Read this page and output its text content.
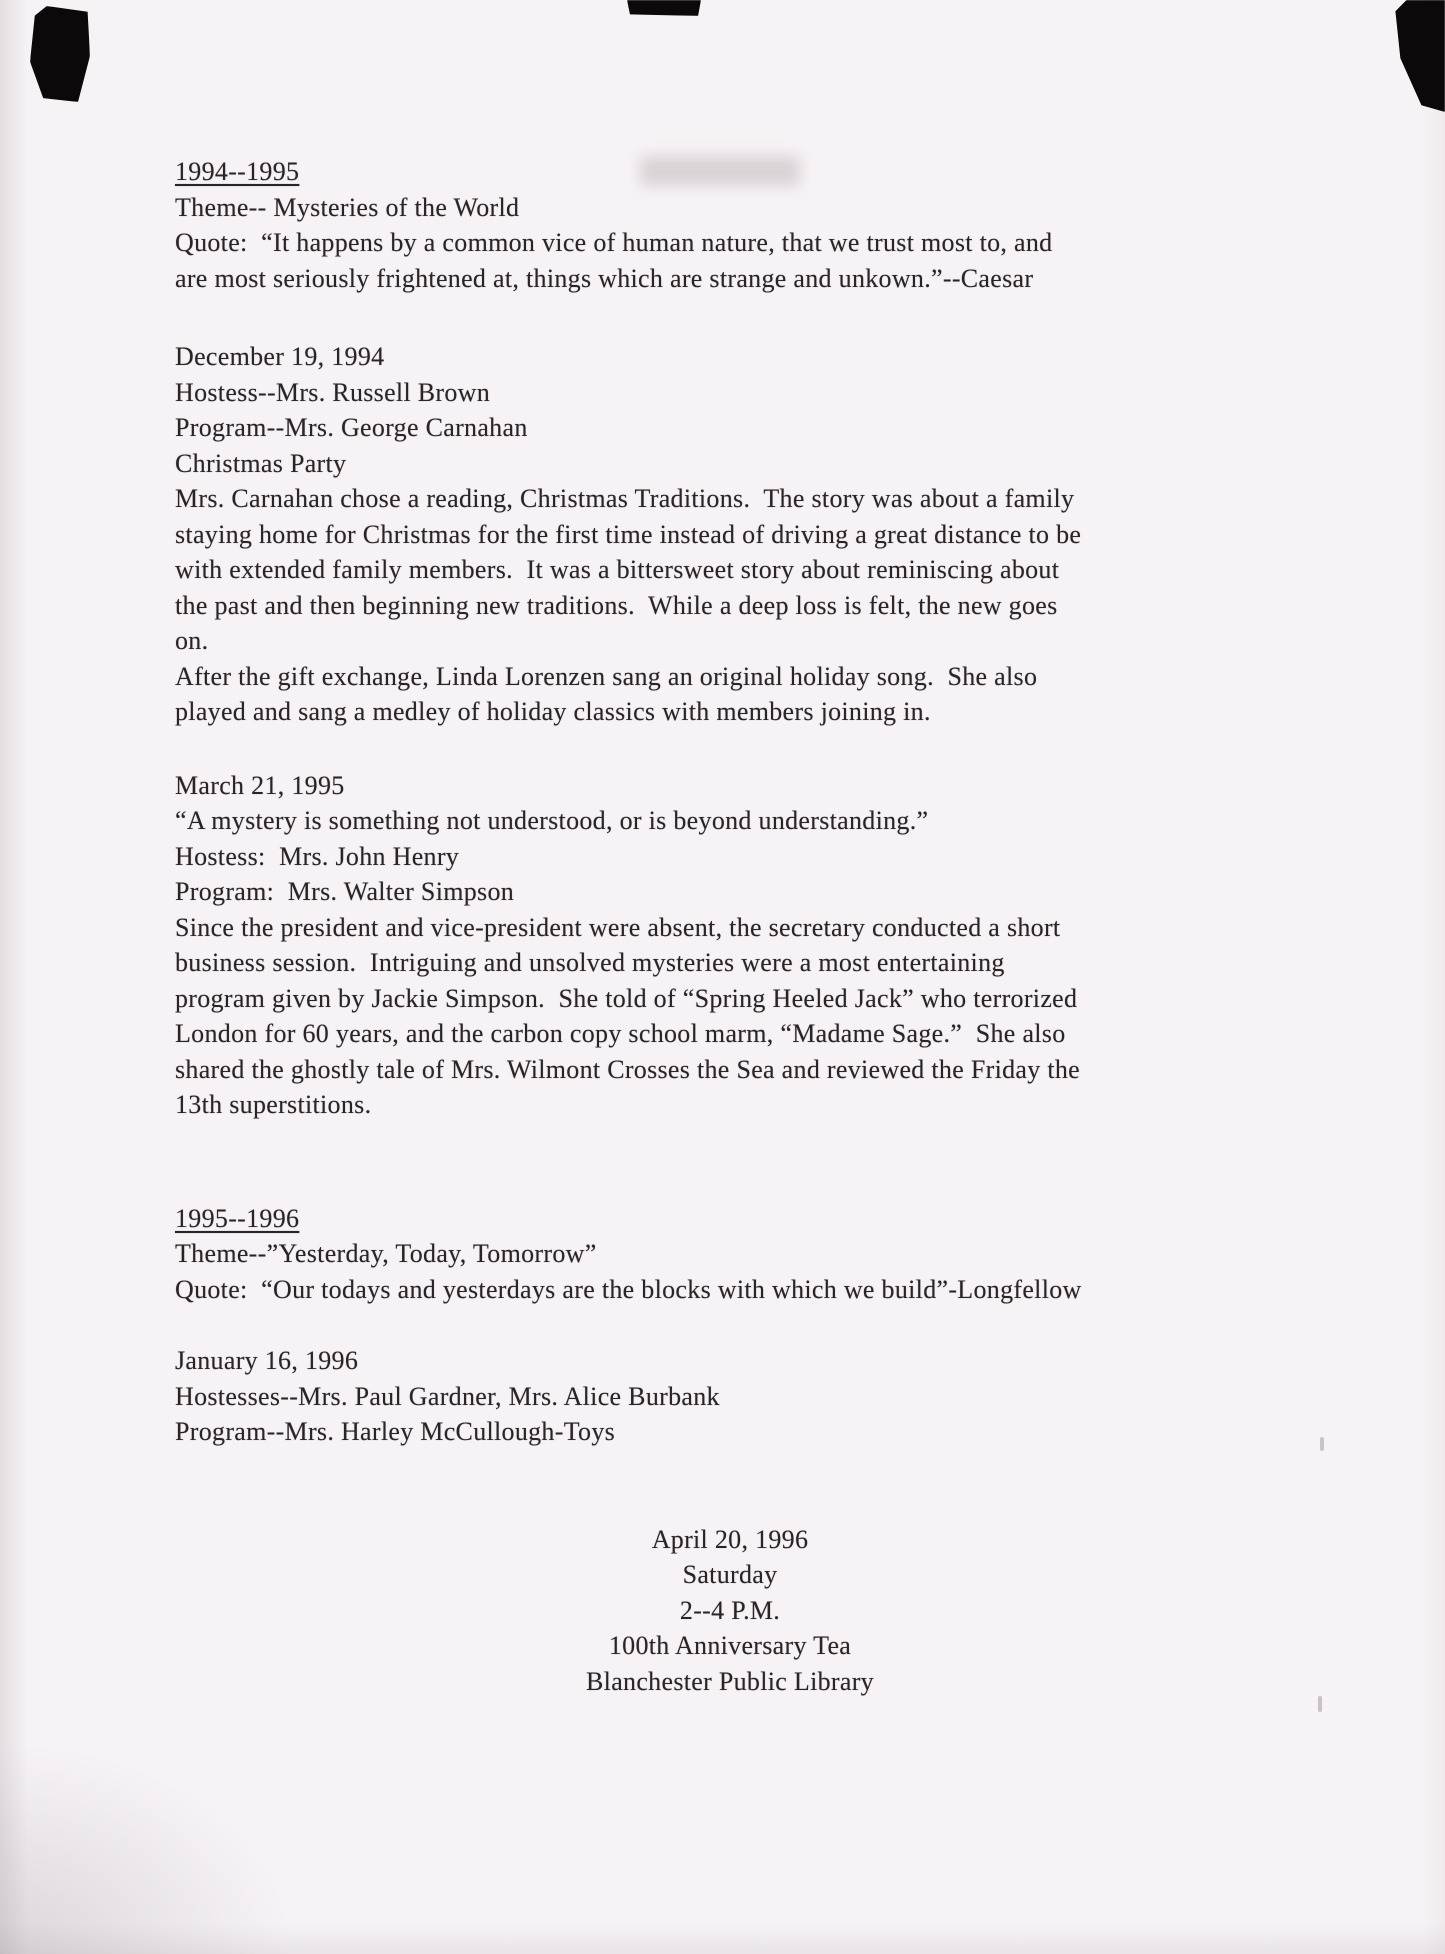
1994--1995
Theme-- Mysteries of the World
Quote:  “It happens by a common vice of human nature, that we trust most to, and
are most seriously frightened at, things which are strange and unkown.”--Caesar
December 19, 1994
Hostess--Mrs. Russell Brown
Program--Mrs. George Carnahan
Christmas Party
Mrs. Carnahan chose a reading, Christmas Traditions.  The story was about a family
staying home for Christmas for the first time instead of driving a great distance to be
with extended family members.  It was a bittersweet story about reminiscing about
the past and then beginning new traditions.  While a deep loss is felt, the new goes
on.
After the gift exchange, Linda Lorenzen sang an original holiday song.  She also
played and sang a medley of holiday classics with members joining in.
March 21, 1995
“A mystery is something not understood, or is beyond understanding.”
Hostess:  Mrs. John Henry
Program:  Mrs. Walter Simpson
Since the president and vice-president were absent, the secretary conducted a short
business session.  Intriguing and unsolved mysteries were a most entertaining
program given by Jackie Simpson.  She told of “Spring Heeled Jack” who terrorized
London for 60 years, and the carbon copy school marm, “Madame Sage.”  She also
shared the ghostly tale of Mrs. Wilmont Crosses the Sea and reviewed the Friday the
13th superstitions.
1995--1996
Theme--”Yesterday, Today, Tomorrow”
Quote:  “Our todays and yesterdays are the blocks with which we build”-Longfellow
January 16, 1996
Hostesses--Mrs. Paul Gardner, Mrs. Alice Burbank
Program--Mrs. Harley McCullough-Toys
April 20, 1996
Saturday
2--4 P.M.
100th Anniversary Tea
Blanchester Public Library
